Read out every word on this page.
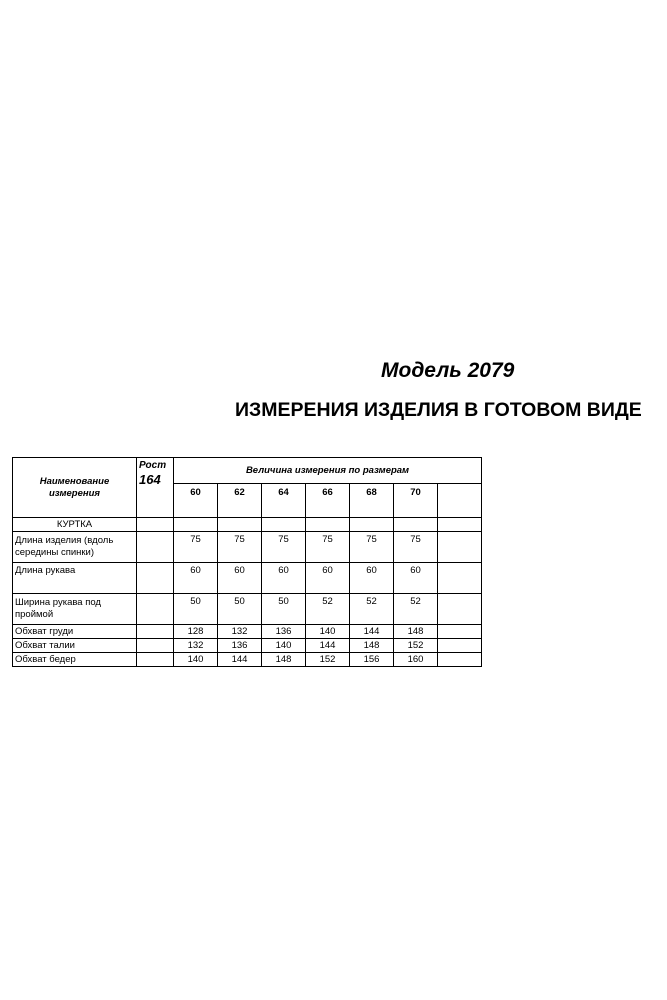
Модель 2079
ИЗМЕРЕНИЯ ИЗДЕЛИЯ В ГОТОВОМ ВИДЕ
Наименование
измерения	Рост
164	Величина измерения по размерам						
		60	62	64	66	68	70	
КУРТКА								
Длина изделия (вдоль
середины спинки)		75	75	75	75	75	75	
Длина рукава		60	60	60	60	60	60	
Ширина рукава под
проймой		50	50	50	52	52	52	
Обхват груди		128	132	136	140	144	148	
Обхват талии		132	136	140	144	148	152	
Обхват бедер		140	144	148	152	156	160	
